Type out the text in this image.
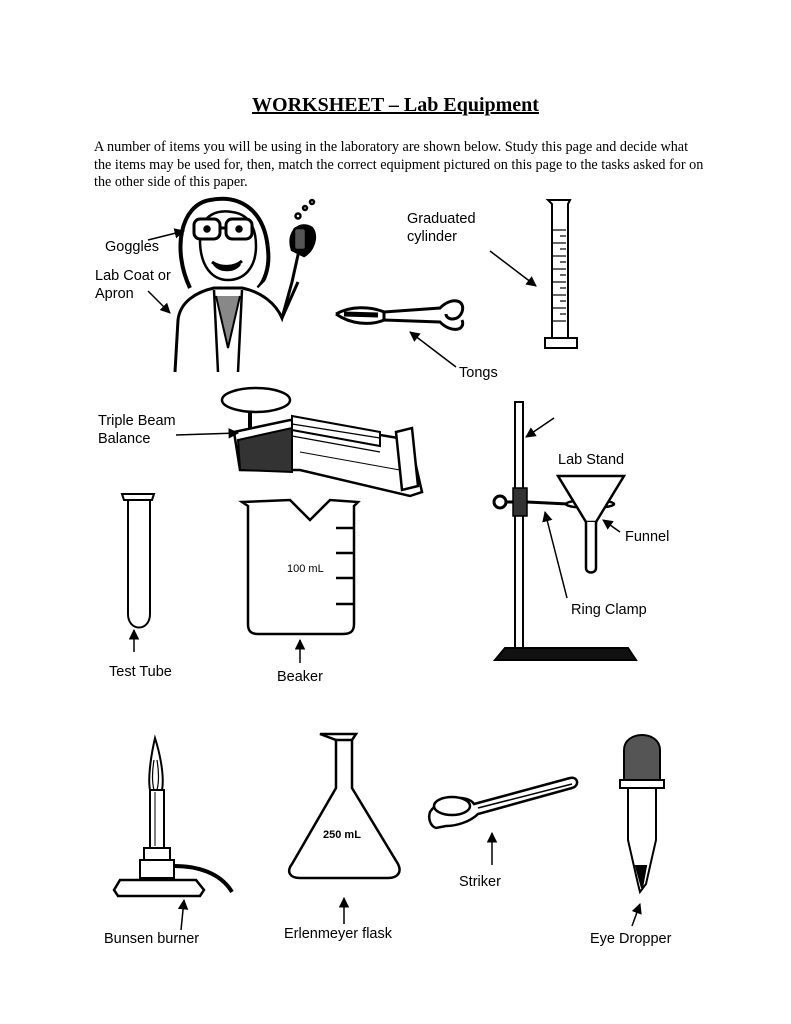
WORKSHEET – Lab Equipment
A number of items you will be using in the laboratory are shown below. Study this page and decide what the items may be used for, then, match the correct equipment pictured on this page to the tasks asked for on the other side of this paper.
Goggles
Lab Coat or
Apron
Graduated
cylinder
Tongs
Triple Beam
Balance
Lab Stand
Funnel
Ring Clamp
Test Tube	Beaker
100 mL
Bunsen burner	Erlenmeyer flask
250 mL
Striker
Eye Dropper
